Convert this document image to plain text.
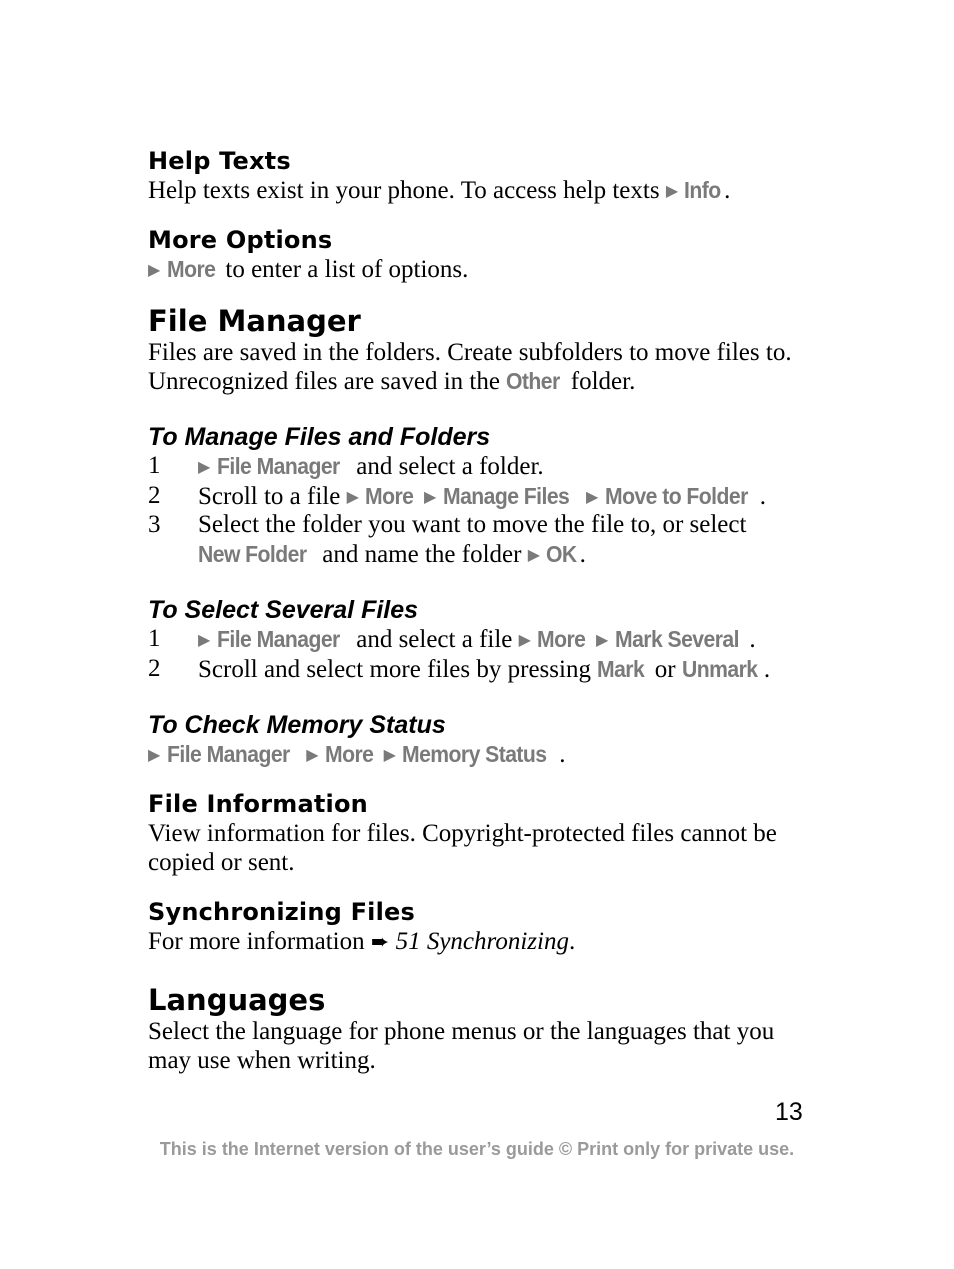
Help Texts

Help texts exist in your phone. To access help texts ▶ Info .

More Options

▶ More to enter a list of options.

File Manager

Files are saved in the folders. Create subfolders to move files to. Unrecognized files are saved in the Other folder.

To Manage Files and Folders
1	▶ File Manager and select a folder.
2	Scroll to a file ▶ More ▶ Manage Files ▶ Move to Folder .
3	Select the folder you want to move the file to, or select New Folder and name the folder ▶ OK .
To Select Several Files
1	▶ File Manager and select a file ▶ More ▶ Mark Several .
2	Scroll and select more files by pressing Mark or Unmark .
To Check Memory Status

▶ File Manager ▶ More ▶ Memory Status .

File Information

View information for files. Copyright-protected files cannot be copied or sent.

Synchronizing Files

For more information ➨ 51 Synchronizing.

Languages

Select the language for phone menus or the languages that you may use when writing.

13
This is the Internet version of the user’s guide © Print only for private use.
